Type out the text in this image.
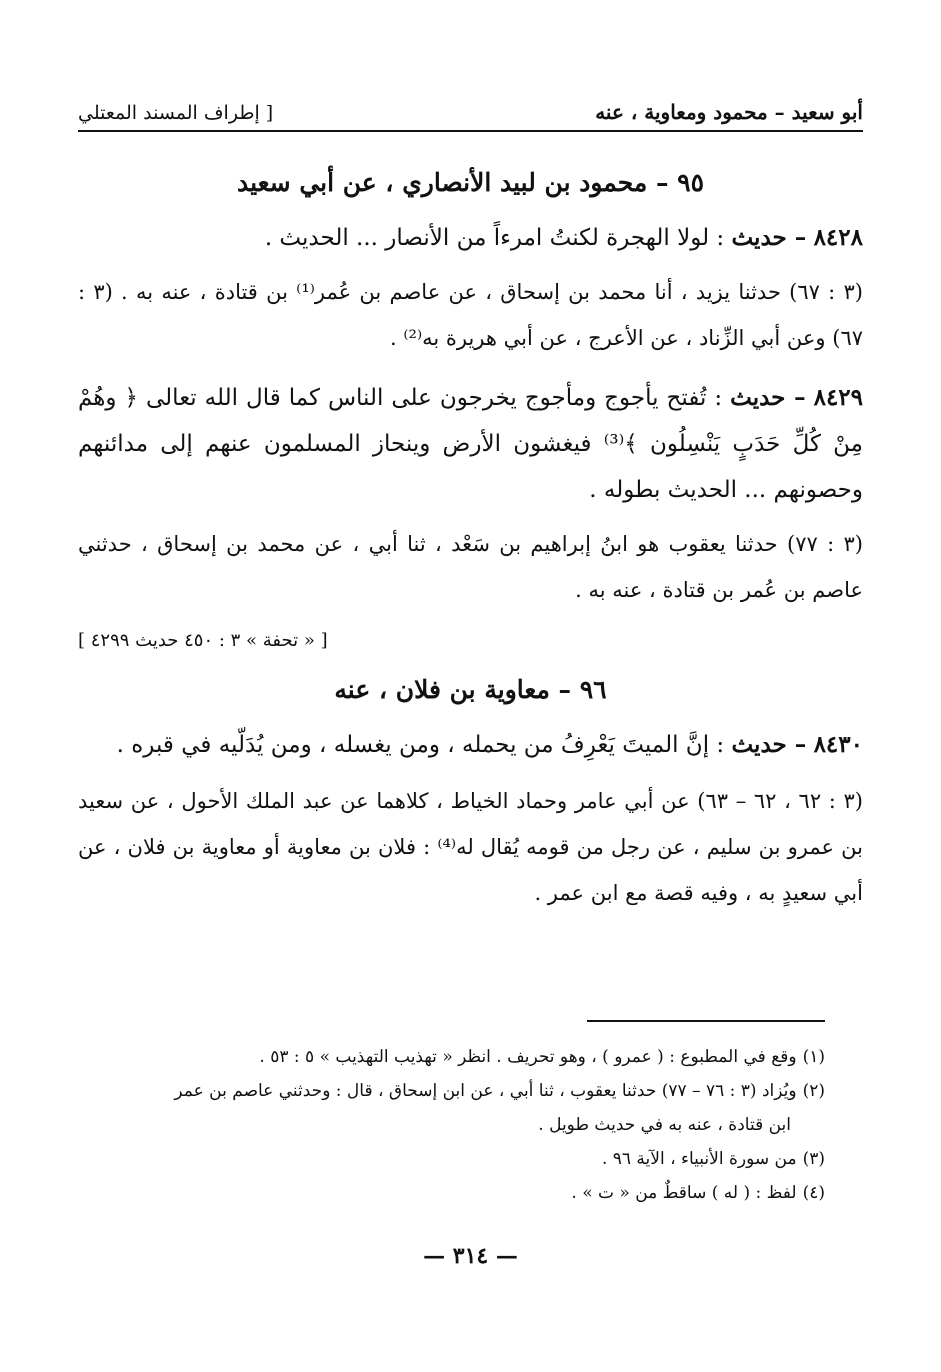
أبو سعيد – محمود ومعاوية ، عنه
[ إطراف المسند المعتلي
٩٥ – محمود بن لبيد الأنصاري ، عن أبي سعيد

٨٤٢٨ – حديث : لولا الهجرة لكنتُ امرءاً من الأنصار ... الحديث .

(٣ : ٦٧) حدثنا يزيد ، أنا محمد بن إسحاق ، عن عاصم بن عُمر⁽¹⁾ بن قتادة ، عنه به . (٣ : ٦٧) وعن أبي الزِّناد ، عن الأعرج ، عن أبي هريرة به⁽²⁾ .

٨٤٢٩ – حديث : تُفتح يأجوج ومأجوج يخرجون على الناس كما قال الله تعالى ﴿ وهُمْ مِنْ كُلِّ حَدَبٍ يَنْسِلُون ﴾⁽³⁾ فيغشون الأرض وينحاز المسلمون عنهم إلى مدائنهم وحصونهم ... الحديث بطوله .

(٣ : ٧٧) حدثنا يعقوب هو ابنُ إبراهيم بن سَعْد ، ثنا أبي ، عن محمد بن إسحاق ، حدثني عاصم بن عُمر بن قتادة ، عنه به .

[ « تحفة » ٣ : ٤٥٠ حديث ٤٢٩٩ ]
٩٦ – معاوية بن فلان ، عنه

٨٤٣٠ – حديث : إنَّ الميتَ يَعْرِفُ من يحمله ، ومن يغسله ، ومن يُدَلّيه في قبره .

(٣ : ٦٢ ، ٦٢ – ٦٣) عن أبي عامر وحماد الخياط ، كلاهما عن عبد الملك الأحول ، عن سعيد بن عمرو بن سليم ، عن رجل من قومه يُقال له⁽⁴⁾ : فلان بن معاوية أو معاوية بن فلان ، عن أبي سعيدٍ به ، وفيه قصة مع ابن عمر .

(١)وقع في المطبوع : ( عمرو ) ، وهو تحريف . انظر « تهذيب التهذيب » ٥ : ٥٣ .

(٢)ويُزاد (٣ : ٧٦ – ٧٧) حدثنا يعقوب ، ثنا أبي ، عن ابن إسحاق ، قال : وحدثني عاصم بن عمر

ابن قتادة ، عنه به في حديث طويل .

(٣)من سورة الأنبياء ، الآية ٩٦ .

(٤)لفظ : ( له ) ساقطٌ من « ت » .

— ٣١٤ —
